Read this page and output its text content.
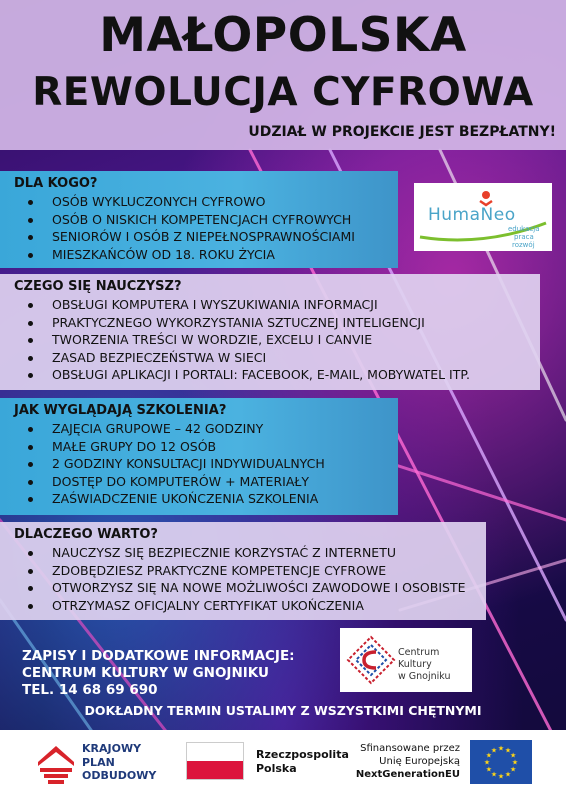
MAŁOPOLSKA
REWOLUCJA CYFROWA
UDZIAŁ W PROJEKCIE JEST BEZPŁATNY!
DLA KOGO?
OSÓB WYKLUCZONYCH CYFROWO
OSÓB O NISKICH KOMPETENCJACH CYFROWYCH
SENIORÓW I OSÓB Z NIEPEŁNOSPRAWNOŚCIAMI
MIESZKAŃCÓW OD 18. ROKU ŻYCIA
HumaNeo
edukacja
praca
rozwój
CZEGO SIĘ NAUCZYSZ?
OBSŁUGI KOMPUTERA I WYSZUKIWANIA INFORMACJI
PRAKTYCZNEGO WYKORZYSTANIA SZTUCZNEJ INTELIGENCJI
TWORZENIA TREŚCI W WORDZIE, EXCELU I CANVIE
ZASAD BEZPIECZEŃSTWA W SIECI
OBSŁUGI APLIKACJI I PORTALI: FACEBOOK, E-MAIL, MOBYWATEL ITP.
JAK WYGLĄDAJĄ SZKOLENIA?
ZAJĘCIA GRUPOWE – 42 GODZINY
MAŁE GRUPY DO 12 OSÓB
2 GODZINY KONSULTACJI INDYWIDUALNYCH
DOSTĘP DO KOMPUTERÓW + MATERIAŁY
ZAŚWIADCZENIE UKOŃCZENIA SZKOLENIA
DLACZEGO WARTO?
NAUCZYSZ SIĘ BEZPIECZNIE KORZYSTAĆ Z INTERNETU
ZDOBĘDZIESZ PRAKTYCZNE KOMPETENCJE CYFROWE
OTWORZYSZ SIĘ NA NOWE MOŻLIWOŚCI ZAWODOWE I OSOBISTE
OTRZYMASZ OFICJALNY CERTYFIKAT UKOŃCZENIA
ZAPISY I DODATKOWE INFORMACJE:
CENTRUM KULTURY W GNOJNIKU
TEL. 14 68 69 690
Centrum Kultury
w Gnojniku
DOKŁADNY TERMIN USTALIMY Z WSZYSTKIMI CHĘTNYMI
KRAJOWY
PLAN
ODBUDOWY
Rzeczpospolita
Polska
Sfinansowane przez
Unię Europejską
NextGenerationEU
★
★
★
★
★
★
★
★
★ ★ ★
★
